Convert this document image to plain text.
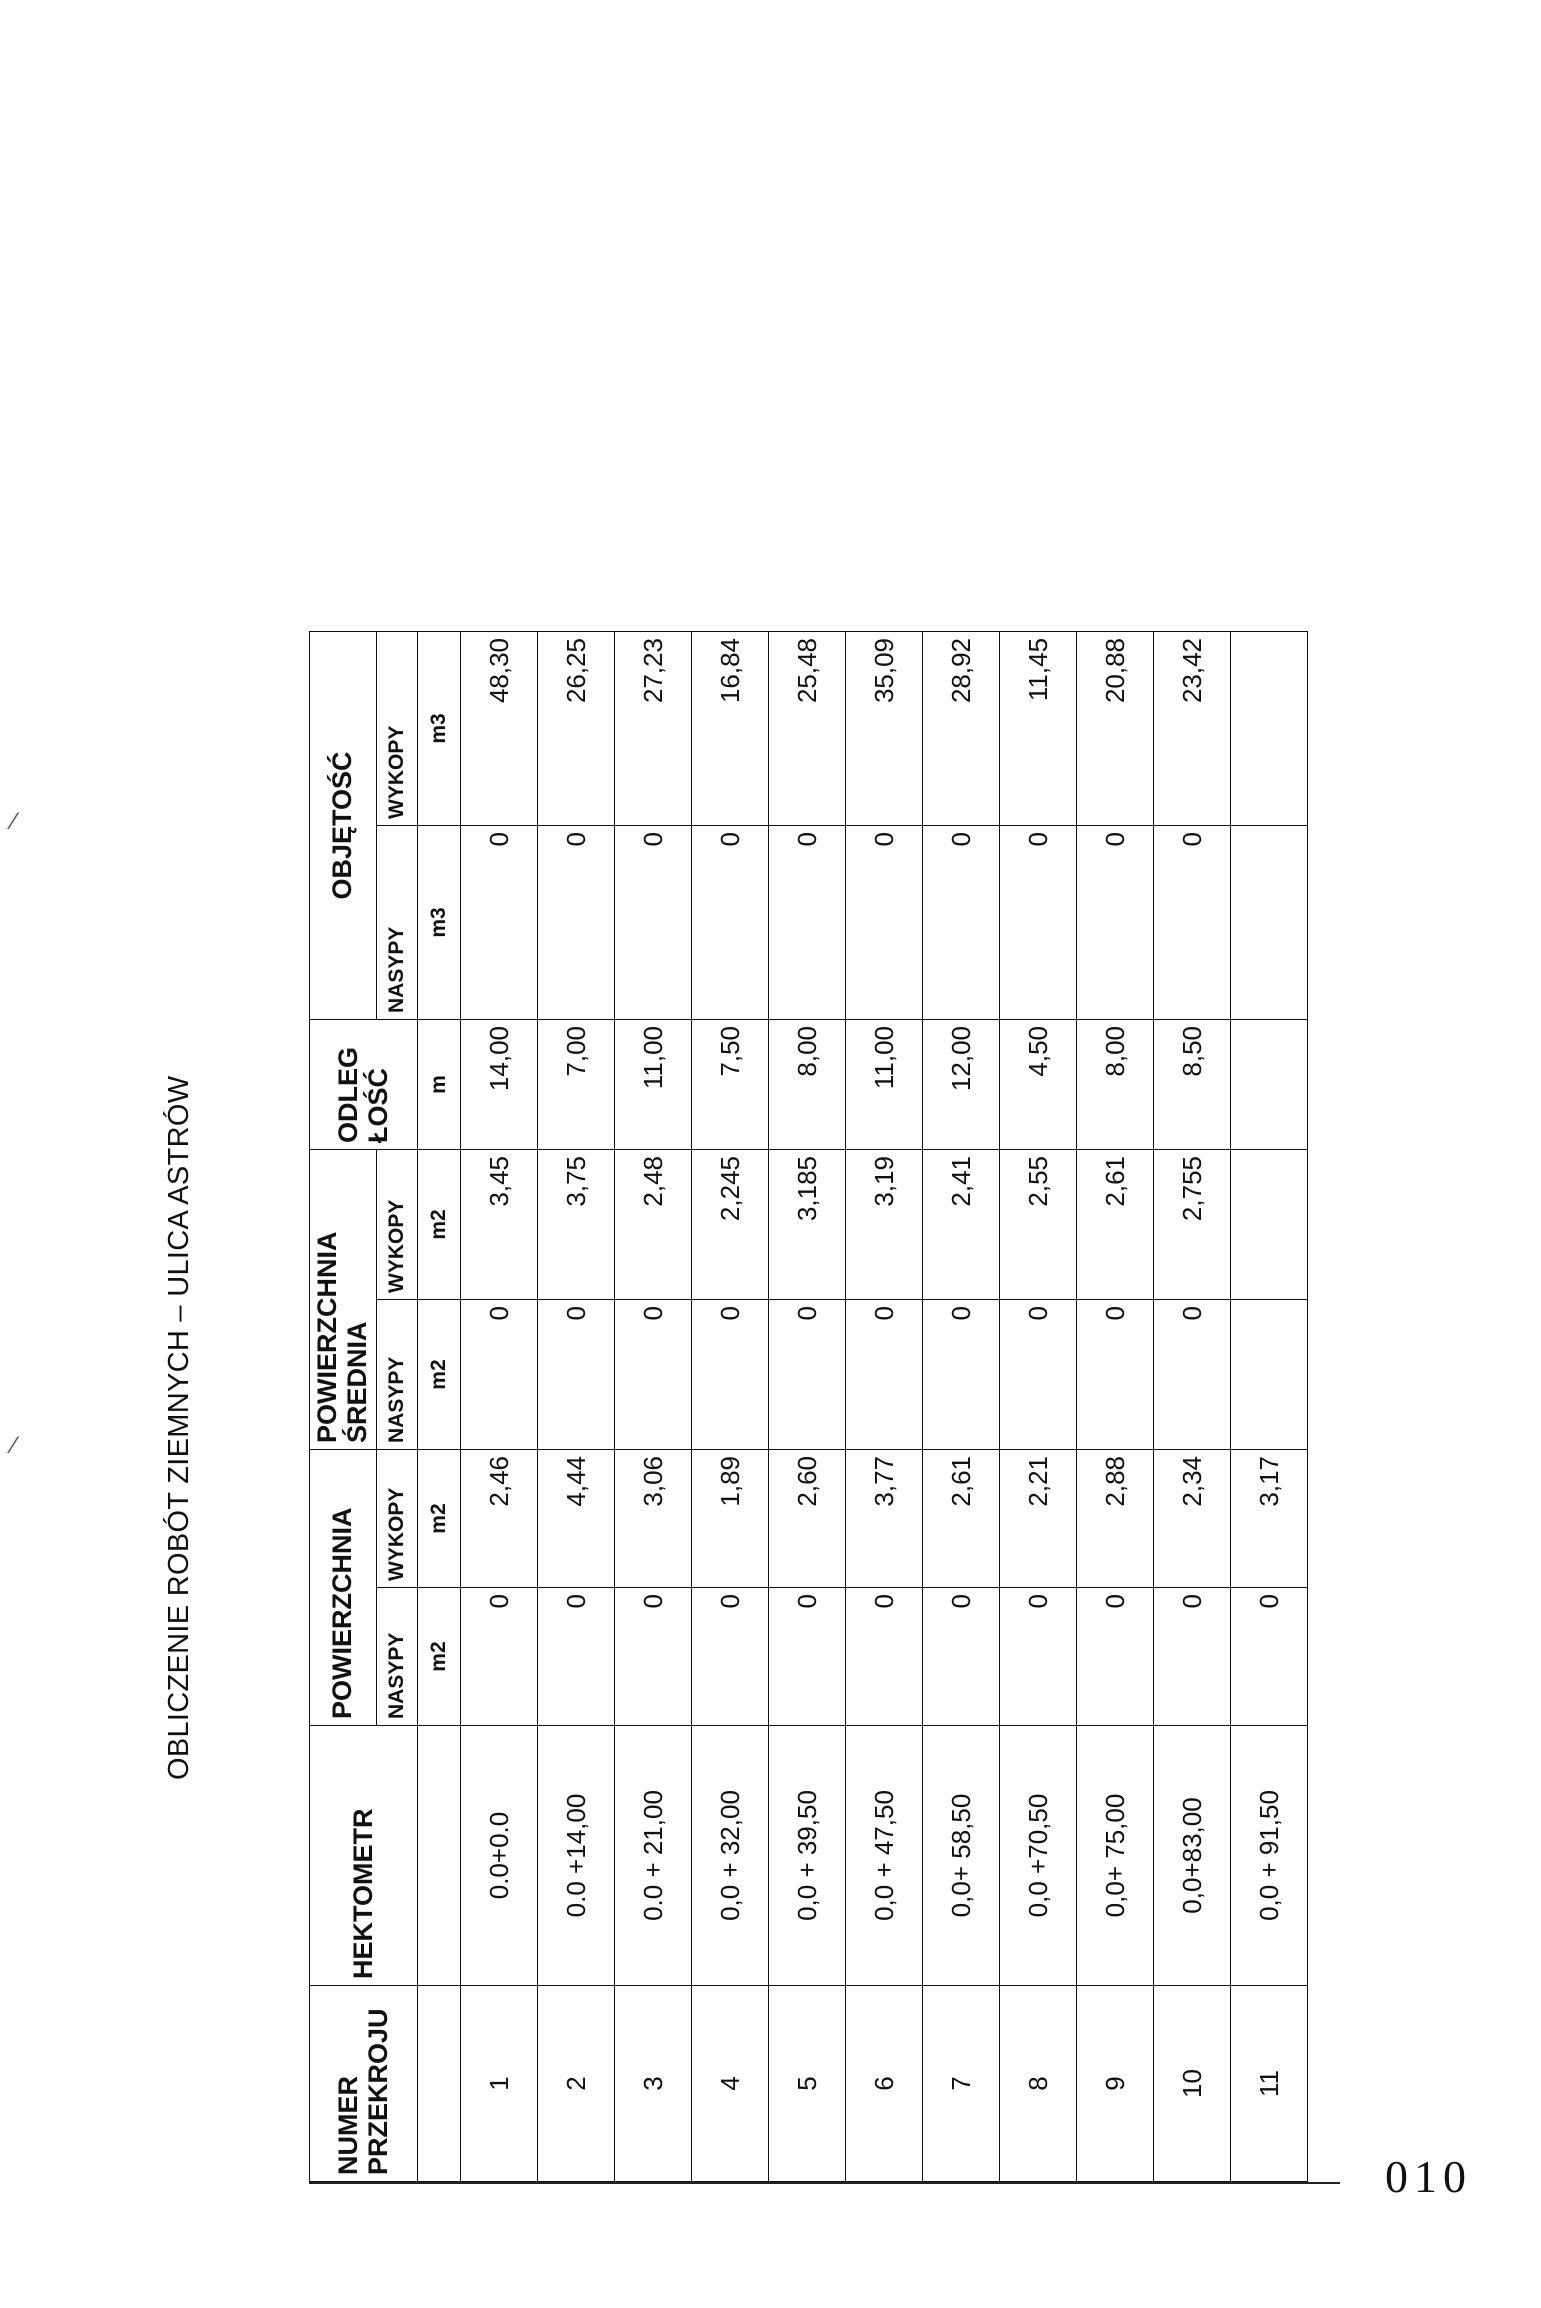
OBLICZENIE ROBÓT ZIEMNYCH – ULICA ASTRÓW
⁄
⁄
NUMER PRZEKROJU	HEKTOMETR	POWIERZCHNIA		POWIERZCHNIA ŚREDNIA		ODLEG ŁOŚĆ	OBJĘTOŚĆ	
		NASYPY	WYKOPY	NASYPY	WYKOPY		NASYPY	WYKOPY
		m2	m2	m2	m2	m	m3	m3
1	0.0+0.0	0	2,46	0	3,45	14,00	0	48,30
2	0.0 +14,00	0	4,44	0	3,75	7,00	0	26,25
3	0.0 + 21,00	0	3,06	0	2,48	11,00	0	27,23
4	0,0 + 32,00	0	1,89	0	2,245	7,50	0	16,84
5	0,0 + 39,50	0	2,60	0	3,185	8,00	0	25,48
6	0,0 + 47,50	0	3,77	0	3,19	11,00	0	35,09
7	0,0+ 58,50	0	2,61	0	2,41	12,00	0	28,92
8	0,0 +70,50	0	2,21	0	2,55	4,50	0	11,45
9	0,0+ 75,00	0	2,88	0	2,61	8,00	0	20,88
10	0,0+83,00	0	2,34	0	2,755	8,50	0	23,42
11	0,0 + 91,50	0	3,17					
010
